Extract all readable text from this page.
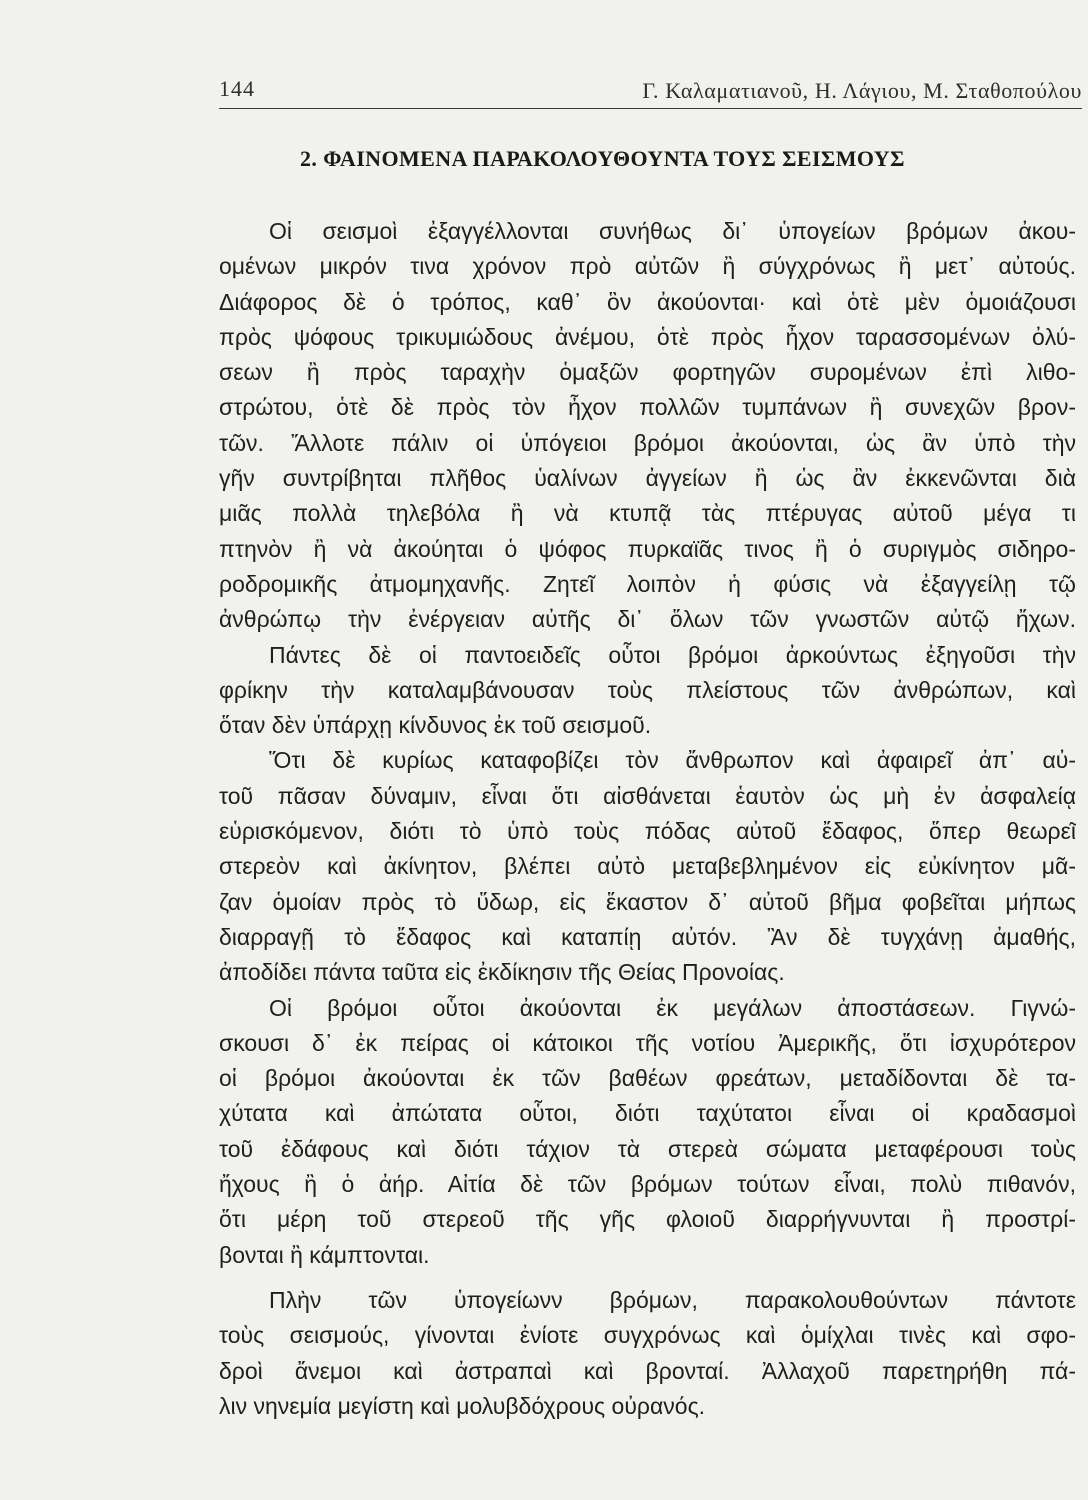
144	Γ. Καλαματιανοῦ, Η. Λάγιου, Μ. Σταθοπούλου
2. ΦΑΙΝΟΜΕΝΑ ΠΑΡΑΚΟΛΟΥΘΟΥΝΤΑ ΤΟΥΣ ΣΕΙΣΜΟΥΣ

Οἱ σεισμοὶ ἐξαγγέλλονται συνήθως δι᾿ ὑπογείων βρόμων ἀκου-
ομένων μικρόν τινα χρόνον πρὸ αὐτῶν ἢ σύγχρόνως ἢ μετ᾿ αὐτούς.
Διάφορος δὲ ὁ τρόπος, καθ᾿ ὃν ἀκούονται· καὶ ὁτὲ μὲν ὁμοιάζουσι
πρὸς ψόφους τρικυμιώδους ἀνέμου, ὁτὲ πρὸς ἦχον ταρασσομένων ὀλύ-
σεων ἢ πρὸς ταραχὴν ὁμαξῶν φορτηγῶν συρομένων ἐπὶ λιθο-
στρώτου, ὁτὲ δὲ πρὸς τὸν ἦχον πολλῶν τυμπάνων ἢ συνεχῶν βρον-
τῶν. Ἄλλοτε πάλιν οἱ ὑπόγειοι βρόμοι ἀκούονται, ὡς ἂν ὑπὸ τὴν
γῆν συντρίβηται πλῆθος ὑαλίνων ἀγγείων ἢ ὡς ἂν ἐκκενῶνται διὰ
μιᾶς πολλὰ τηλεβόλα ἢ νὰ κτυπᾷ τὰς πτέρυγας αὐτοῦ μέγα τι
πτηνὸν ἢ νὰ ἀκούηται ὁ ψόφος πυρκαϊᾶς τινος ἢ ὁ συριγμὸς σιδηρο-
ροδρομικῆς ἀτμομηχανῆς. Ζητεῖ λοιπὸν ἡ φύσις νὰ ἐξαγγείλῃ τῷ
ἀνθρώπῳ τὴν ἐνέργειαν αὐτῆς δι᾿ ὅλων τῶν γνωστῶν αὐτῷ ἤχων.

Πάντες δὲ οἱ παντοειδεῖς οὗτοι βρόμοι ἀρκούντως ἐξηγοῦσι τὴν
φρίκην τὴν καταλαμβάνουσαν τοὺς πλείστους τῶν ἀνθρώπων, καὶ
ὅταν δὲν ὑπάρχῃ κίνδυνος ἐκ τοῦ σεισμοῦ.

Ὅτι δὲ κυρίως καταφοβίζει τὸν ἄνθρωπον καὶ ἀφαιρεῖ ἀπ᾿ αὐ-
τοῦ πᾶσαν δύναμιν, εἶναι ὅτι αἰσθάνεται ἑαυτὸν ὡς μὴ ἐν ἀσφαλείᾳ
εὑρισκόμενον, διότι τὸ ὑπὸ τοὺς πόδας αὐτοῦ ἔδαφος, ὅπερ θεωρεῖ
στερεὸν καὶ ἀκίνητον, βλέπει αὐτὸ μεταβεβλημένον εἰς εὐκίνητον μᾶ-
ζαν ὁμοίαν πρὸς τὸ ὕδωρ, εἰς ἕκαστον δ᾿ αὐτοῦ βῆμα φοβεῖται μήπως
διαρραγῇ τὸ ἔδαφος καὶ καταπίῃ αὐτόν. Ἂν δὲ τυγχάνῃ ἀμαθής,
ἀποδίδει πάντα ταῦτα εἰς ἐκδίκησιν τῆς Θείας Προνοίας.

Οἱ βρόμοι οὗτοι ἀκούονται ἐκ μεγάλων ἀποστάσεων. Γιγνώ-
σκουσι δ᾿ ἐκ πείρας οἱ κάτοικοι τῆς νοτίου Ἀμερικῆς, ὅτι ἰσχυρότερον
οἱ βρόμοι ἀκούονται ἐκ τῶν βαθέων φρεάτων, μεταδίδονται δὲ τα-
χύτατα καὶ ἀπώτατα οὗτοι, διότι ταχύτατοι εἶναι οἱ κραδασμοὶ
τοῦ ἐδάφους καὶ διότι τάχιον τὰ στερεὰ σώματα μεταφέρουσι τοὺς
ἤχους ἢ ὁ ἀήρ. Αἰτία δὲ τῶν βρόμων τούτων εἶναι, πολὺ πιθανόν,
ὅτι μέρη τοῦ στερεοῦ τῆς γῆς φλοιοῦ διαρρήγνυνται ἢ προστρί-
βονται ἢ κάμπτονται.

Πλὴν τῶν ὑπογείωνν βρόμων, παρακολουθούντων πάντοτε
τοὺς σεισμούς, γίνονται ἐνίοτε συγχρόνως καὶ ὁμίχλαι τινὲς καὶ σφο-
δροὶ ἄνεμοι καὶ ἀστραπαὶ καὶ βρονταί. Ἀλλαχοῦ παρετηρήθη πά-
λιν νηνεμία μεγίστη καὶ μολυβδόχρους οὐρανός.
